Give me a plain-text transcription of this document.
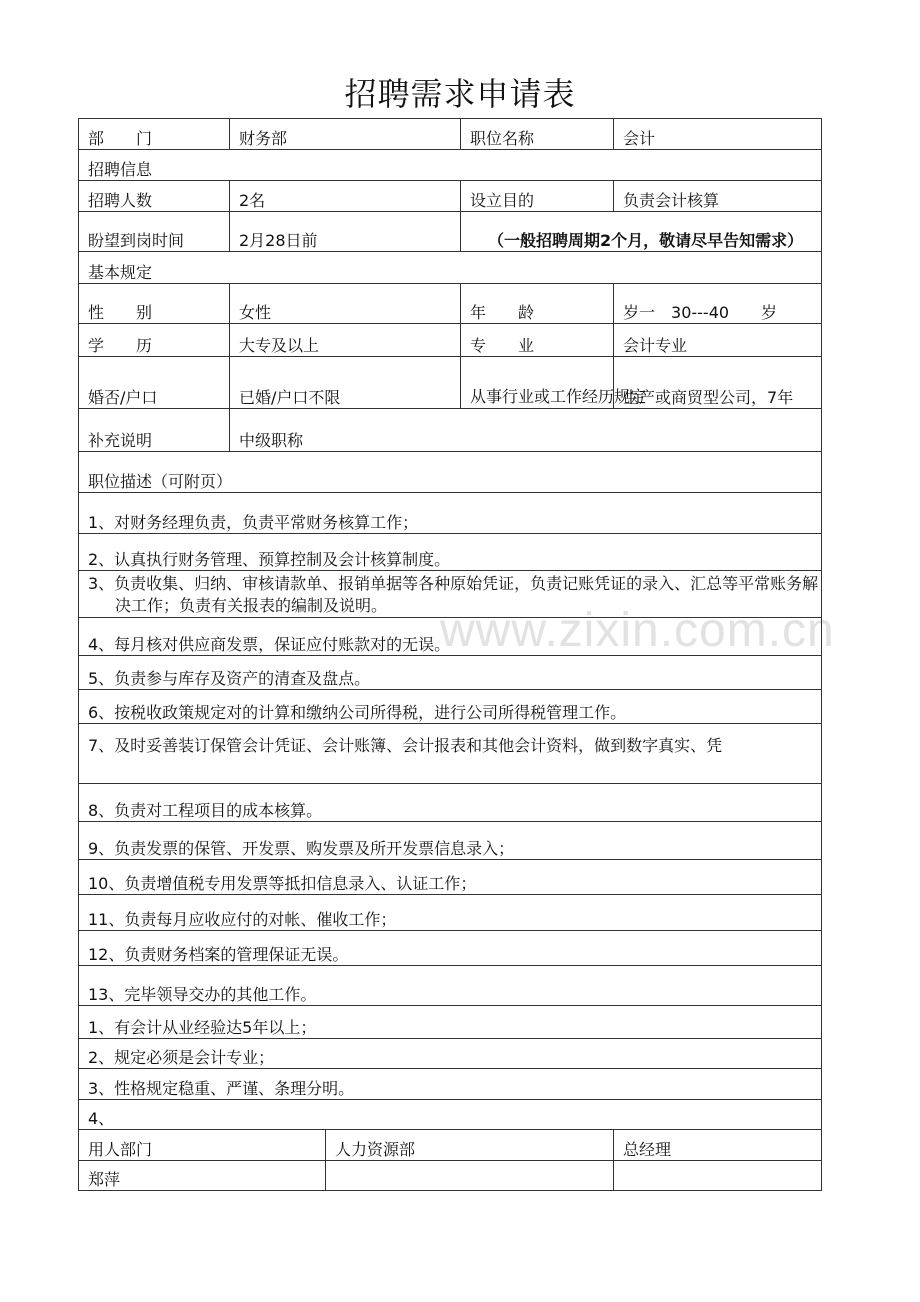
招聘需求申请表
www.zixin.com.cn
部　　门	财务部		职位名称	会计
招聘信息				
招聘人数	2名		设立目的	负责会计核算
盼望到岗时间	2月28日前		（一般招聘周期2个月，敬请尽早告知需求）	
基本规定				
性　　别	女性		年　　龄	岁一　30---40　　岁
学　　历	大专及以上		专　　业	会计专业
婚否/户口	已婚/户口不限		从事行业或工作经历规定	生产或商贸型公司，7年
补充说明	中级职称			
职位描述（可附页）				
1、对财务经理负责，负责平常财务核算工作；				
2、认真执行财务管理、预算控制及会计核算制度。				

3、负责收集、归纳、审核请款单、报销单据等各种原始凭证，负责记账凭证的录入、汇总等平常账务解决工作；负责有关报表的编制及说明。				

4、每月核对供应商发票，保证应付账款对的无误。				
5、负责参与库存及资产的清查及盘点。				
6、按税收政策规定对的计算和缴纳公司所得税，进行公司所得税管理工作。				
7、及时妥善装订保管会计凭证、会计账簿、会计报表和其他会计资料，做到数字真实、凭				
8、负责对工程项目的成本核算。				
9、负责发票的保管、开发票、购发票及所开发票信息录入；				
10、负责增值税专用发票等抵扣信息录入、认证工作；				
11、负责每月应收应付的对帐、催收工作；				
12、负责财务档案的管理保证无误。				
13、完毕领导交办的其他工作。				
1、有会计从业经验达5年以上；				
2、规定必须是会计专业；				
3、性格规定稳重、严谨、条理分明。				
4、				
用人部门		人力资源部		总经理
郑萍				
